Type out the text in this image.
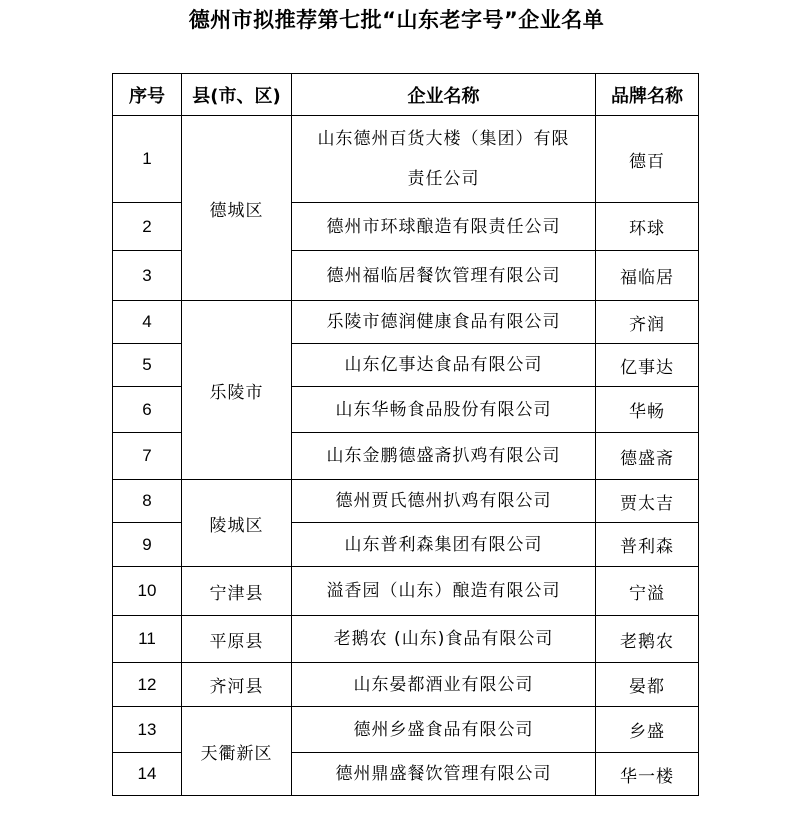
德州市拟推荐第七批“山东老字号”企业名单
序号	县(市、区)	企业名称	品牌名称
1	德城区	山东德州百货大楼（集团）有限
责任公司	德百
2		德州市环球酿造有限责任公司	环球
3		德州福临居餐饮管理有限公司	福临居
4	乐陵市	乐陵市德润健康食品有限公司	齐润
5		山东亿事达食品有限公司	亿事达
6		山东华畅食品股份有限公司	华畅
7		山东金鹏德盛斋扒鸡有限公司	德盛斋
8	陵城区	德州贾氏德州扒鸡有限公司	贾太吉
9		山东普利森集团有限公司	普利森
10	宁津县	溢香园（山东）酿造有限公司	宁溢
11	平原县	老鹅农 (山东)食品有限公司	老鹅农
12	齐河县	山东晏都酒业有限公司	晏都
13	天衢新区	德州乡盛食品有限公司	乡盛
14		德州鼎盛餐饮管理有限公司	华一楼
